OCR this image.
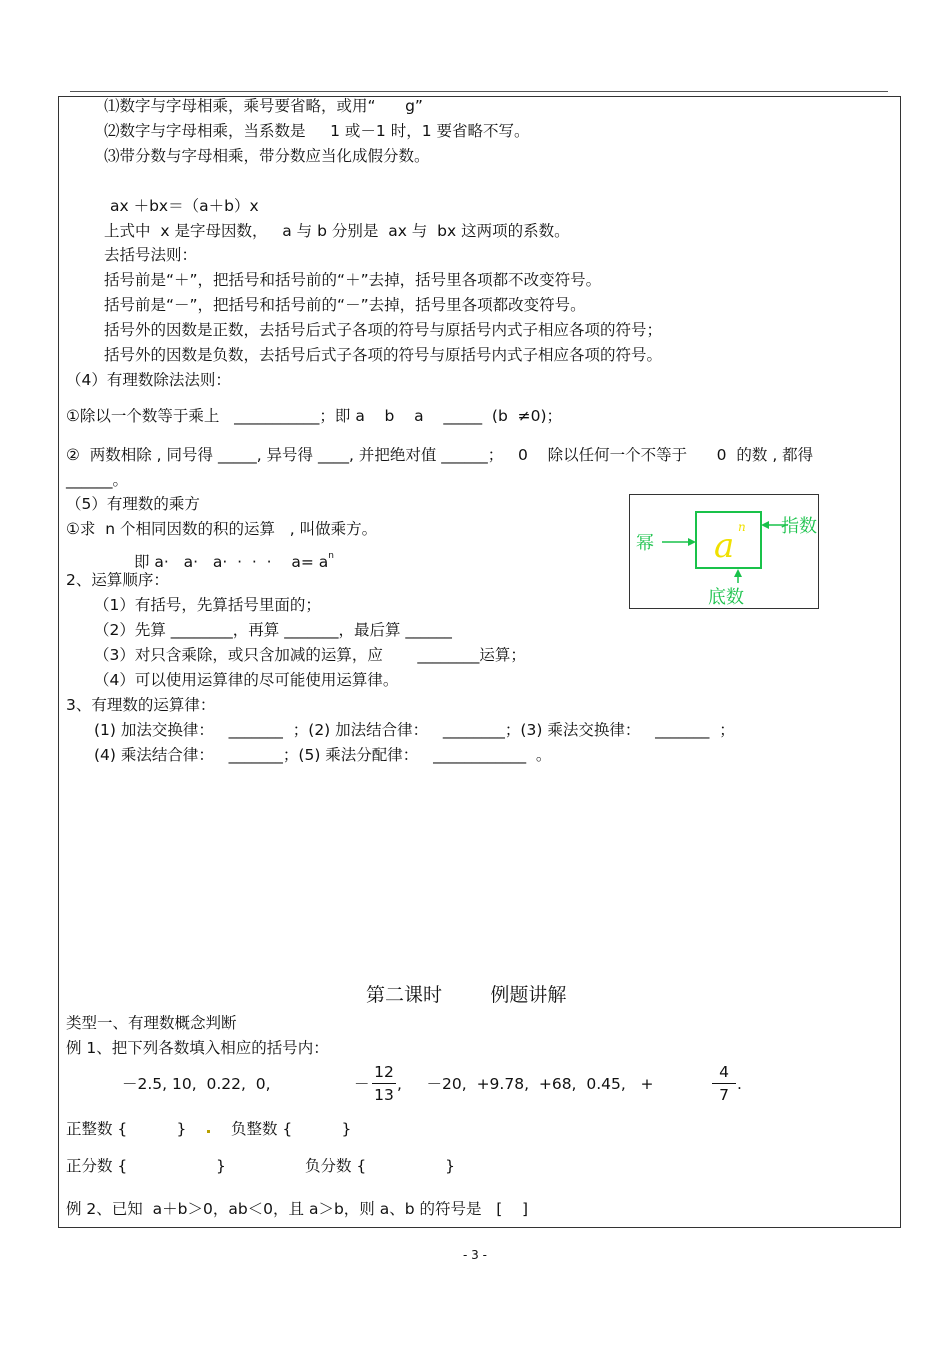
⑴数字与字母相乘，乘号要省略，或用“      g”
⑵数字与字母相乘，当系数是     1 或－1 时，1 要省略不写。
⑶带分数与字母相乘，带分数应当化成假分数。
ax ＋bx＝（a＋b）x
上式中  x 是字母因数，   a 与 b 分别是  ax 与  bx 这两项的系数。
去括号法则：
括号前是“＋”，把括号和括号前的“＋”去掉，括号里各项都不改变符号。
括号前是“－”，把括号和括号前的“－”去掉，括号里各项都改变符号。
括号外的因数是正数，去括号后式子各项的符号与原括号内式子相应各项的符号；
括号外的因数是负数，去括号后式子各项的符号与原括号内式子相应各项的符号。
（4）有理数除法法则：
①除以一个数等于乘上   ___________；即 a    b    a    _____  (b  ≠0)；
②  两数相除 , 同号得 _____, 异号得 ____, 并把绝对值 ______；   0    除以任何一个不等于      0  的数 , 都得
______。
（5）有理数的乘方
①求  n 个相同因数的积的运算   , 叫做乘方。
即 a·   a·   a·  ·  ·  ·    $a= a^n$
2、运算顺序：
（1）有括号，先算括号里面的；
（2）先算 ________，再算 _______，最后算 ______
（3）对只含乘除，或只含加减的运算，应       ________运算；
（4）可以使用运算律的尽可能使用运算律。
3、有理数的运算律：
(1) 加法交换律：   _______  ；(2) 加法结合律：   ________；(3) 乘法交换律：   _______  ；
(4) 乘法结合律：   _______；(5) 乘法分配律：   ____________  。
a n
幂
指数
底数
第二课时        例题讲解
类型一、有理数概念判断
例 1、把下列各数填入相应的括号内：
－2.5, 10,  0.22,  0,	－
12
13
,     －20,  +9.78,  +68,  0.45,   +
4
7
.
正整数 {          }	负整数 {          }
正分数 {                  }	负分数 {                }
例 2、已知  a＋b＞0，ab＜0，且 a＞b，则 a、b 的符号是   [    ]
- 3 -
